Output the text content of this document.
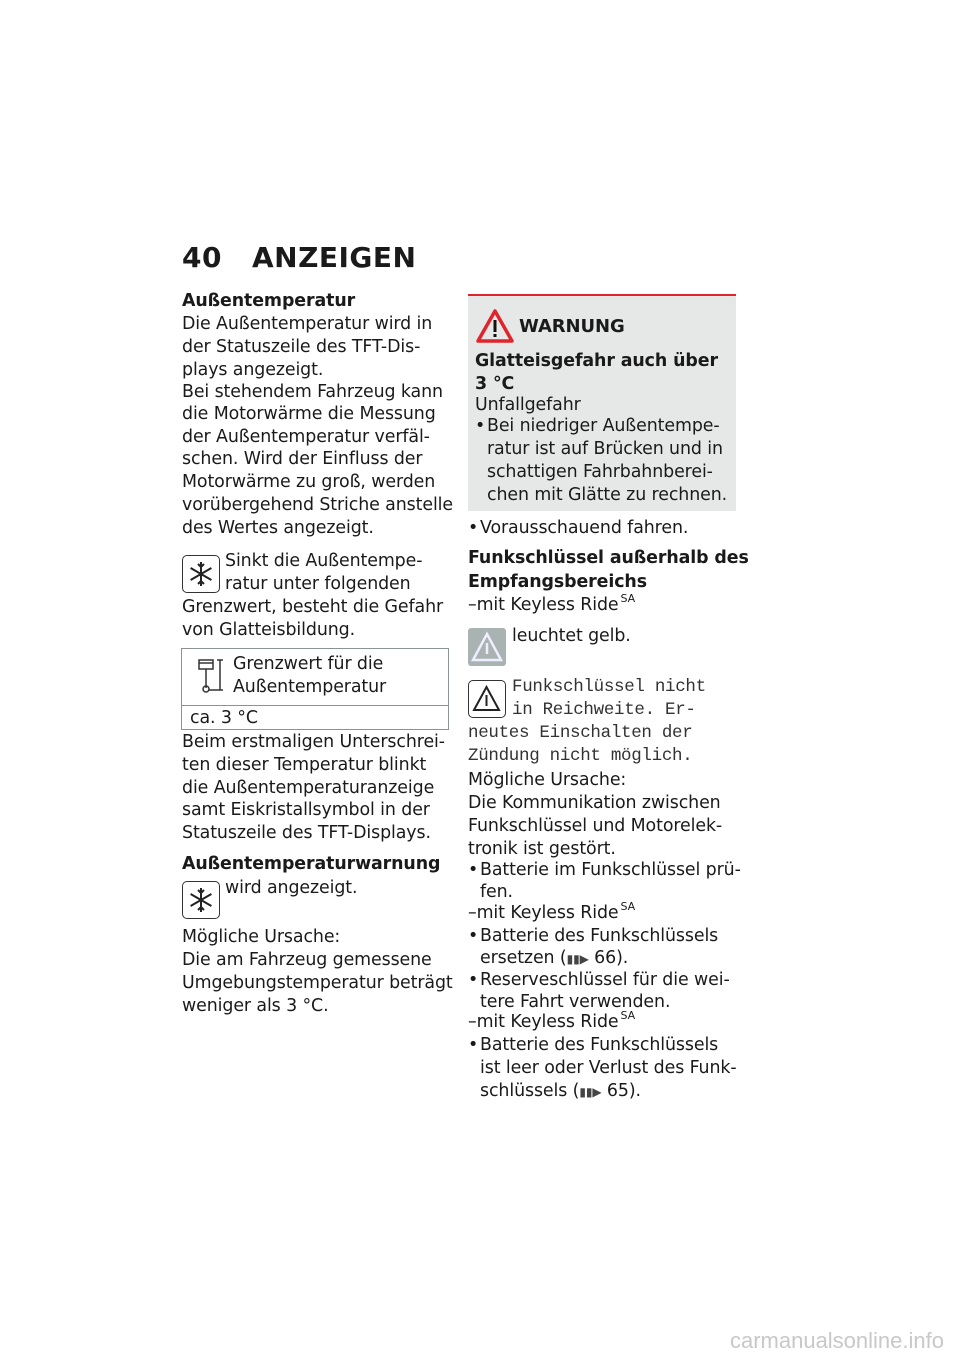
40 ANZEIGEN
Außentemperatur
Die Außentemperatur wird in
der Statuszeile des TFT-Dis-
plays angezeigt.
Bei stehendem Fahrzeug kann
die Motorwärme die Messung
der Außentemperatur verfäl-
schen. Wird der Einfluss der
Motorwärme zu groß, werden
vorübergehend Striche anstelle
des Wertes angezeigt.
Sinkt die Außentempe-
ratur unter folgenden
Grenzwert, besteht die Gefahr
von Glatteisbildung.
Grenzwert für die
Außentemperatur
ca. 3 °C
Beim erstmaligen Unterschrei-
ten dieser Temperatur blinkt
die Außentemperaturanzeige
samt Eiskristallsymbol in der
Statuszeile des TFT-Displays.
Außentemperaturwarnung
wird angezeigt.
Mögliche Ursache:
Die am Fahrzeug gemessene
Umgebungstemperatur beträgt
weniger als 3 °C.
WARNUNG
Glatteisgefahr auch über
3 °C
Unfallgefahr
• Bei niedriger Außentempe-
ratur ist auf Brücken und in
schattigen Fahrbahnberei-
chen mit Glätte zu rechnen.
• Vorausschauend fahren.
Funkschlüssel außerhalb des
Empfangsbereichs
–mit Keyless Ride $^{SA}$
leuchtet gelb.
Funkschlüssel nicht
in Reichweite. Er-
neutes Einschalten der
Zündung nicht möglich.
Mögliche Ursache:
Die Kommunikation zwischen
Funkschlüssel und Motorelek-
tronik ist gestört.
• Batterie im Funkschlüssel prü-
fen.
–mit Keyless Ride $^{SA}$
• Batterie des Funkschlüssels
ersetzen (▮▮▶ 66).
• Reserveschlüssel für die wei-
tere Fahrt verwenden.
–mit Keyless Ride $^{SA}$
• Batterie des Funkschlüssels
ist leer oder Verlust des Funk-
schlüssels (▮▮▶ 65).
carmanualsonline.info
